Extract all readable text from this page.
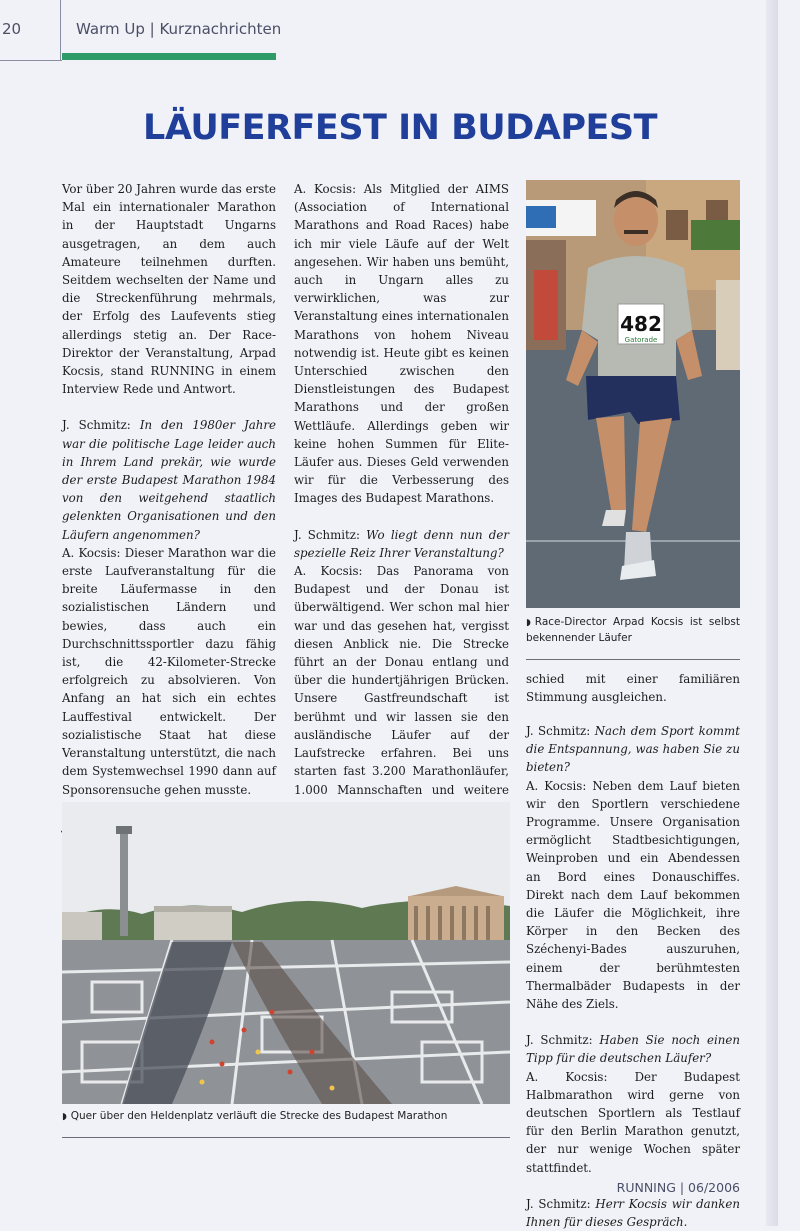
20	Warm Up | Kurznachrichten
LÄUFERFEST IN BUDAPEST

Vor über 20 Jahren wurde das erste Mal ein internationaler Marathon in der Hauptstadt Ungarns ausgetragen, an dem auch Amateure teilnehmen durften. Seitdem wechselten der Name und die Streckenführung mehrmals, der Erfolg des Laufevents stieg allerdings stetig an. Der Race-Direktor der Veranstaltung, Arpad Kocsis, stand RUNNING in einem Interview Rede und Antwort.

J. Schmitz: In den 1980er Jahre war die politische Lage leider auch in Ihrem Land prekär, wie wurde der erste Budapest Marathon 1984 von den weitgehend staatlich gelenkten Organisationen und den Läufern angenommen?
A. Kocsis: Dieser Marathon war die erste Laufveranstaltung für die breite Läufermasse in den sozialistischen Ländern und bewies, dass auch ein Durchschnittssportler dazu fähig ist, die 42-Kilometer-Strecke erfolgreich zu absolvieren. Von Anfang an hat sich ein echtes Lauffestival entwickelt. Der sozialistische Staat hat diese Veranstaltung unterstützt, die nach dem Systemwechsel 1990 dann auf Sponsorensuche gehen musste.

A. Kocsis: Als Mitglied der AIMS (Association of International Marathons and Road Races) habe ich mir viele Läufe auf der Welt angesehen. Wir haben uns bemüht, auch in Ungarn alles zu verwirklichen, was zur Veranstaltung eines internationalen Marathons von hohem Niveau notwendig ist. Heute gibt es keinen Unterschied zwischen den Dienstleistungen des Budapest Marathons und der großen Wettläufe. Allerdings geben wir keine hohen Summen für Elite-Läufer aus. Dieses Geld verwenden wir für die Verbesserung des Images des Budapest Marathons.

J. Schmitz: Wo liegt denn nun der spezielle Reiz Ihrer Veranstaltung?
A. Kocsis: Das Panorama von Budapest und der Donau ist überwältigend. Wer schon mal hier war und das gesehen hat, vergisst diesen Anblick nie. Die Strecke führt an der Donau entlang und über die hundertjährigen Brücken. Unsere Gastfreundschaft ist berühmt und wir lassen sie den ausländische Läufer auf der Laufstrecke erfahren. Bei uns starten fast 3.200 Marathonläufer, 1.000 Mannschaften und weitere

482
Gatorade
◗ Race-Director Arpad Kocsis ist selbst bekennender Läufer

schied mit einer familiären Stimmung ausgleichen.

J. Schmitz: Nach dem Sport kommt die Entspannung, was haben Sie zu bieten?
A. Kocsis: Neben dem Lauf bieten wir den Sportlern verschiedene Programme. Unsere Organisation ermöglicht Stadtbesichtigungen, Weinproben und ein Abendessen an Bord eines Donauschiffes. Direkt nach dem Lauf bekommen die Läufer die Möglichkeit, ihre Körper in den Becken des Széchenyi-Bades auszuruhen, einem der berühmtesten Thermalbäder Budapests in der Nähe des Ziels.

J. Schmitz: Haben Sie noch einen Tipp für die deutschen Läufer?
A. Kocsis: Der Budapest Halbmarathon wird gerne von deutschen Sportlern als Testlauf für den Berlin Marathon genutzt, der nur wenige Wochen später stattfindet.

J. Schmitz: Herr Kocsis wir danken Ihnen für dieses Gespräch.

◗ Quer über den Heldenplatz verläuft die Strecke des Budapest Marathon
RUNNING | 06/2006
